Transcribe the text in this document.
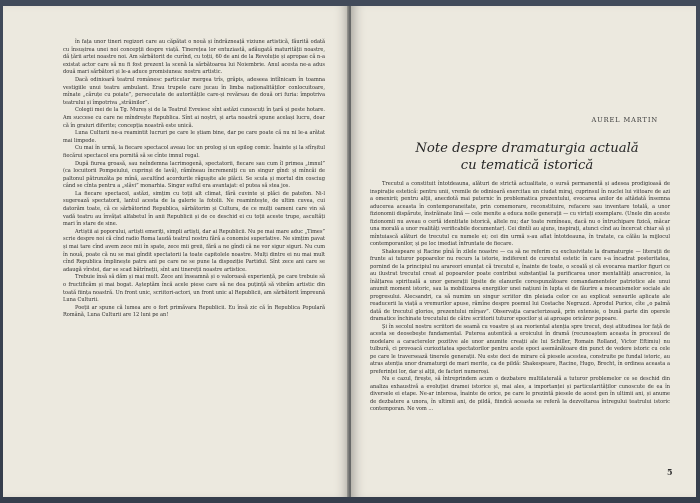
în fața unor tineri regizori care au căpătat o nouă și îndrăzneață viziune artistică, făurită odată cu însușirea unei noi concepții despre viață. Tinerețea lor entuziastă, adăugată maturității noastre, dă țării artei noastre noi. Am sărbătorit de curînd, cu toții, 60 de ani de la Revoluție și apropae că n-a existat actor care să nu fi fost prezent la scenă la sărbătoarea lui Noiembrie. Anul acesta ne-a adus două mari sărbători și le-a aduce promisiunea: nostru artistic.

Dacă odinioară teatrul românesc particular mergea trîs, grăpis, adeseea intîlnicam în toamna vestigiile unui teatru ambulant. Erau trupele care jucau în limba naționalităților conlocuitoare, mînate „căruțe cu poiate”, persecutate de autoritățile care-și revărsau de două ori furia: împotriva teatrului și împotriva „străinilor”.

Colegii mei de la Tg. Mureș și de la Teatrul Evreiesc sînt astăzi cunoscuți în țară și peste hotare. Am succese cu care ne mîndrește Republica. Sînt ai noștri, și arta noastră spune același lucru, doar că în graiuri diferite; concepția noastră este unică.

Luna Culturii ne-a reamintit lucruri pe care le știam bine, dar pe care poate că nu ni le-a arătat mai limpede.

Cu mai în urmă, la fiecare spectacol aveau loc un prolog și un epilog comic. Înainte și la sfîrșitul fiecărui spectacol era pornită să se cînte imnul regal.

După fiurea groasă, sau neîndemna lacrimogenă, spectatorii, fiecare sau cum îl primea „imnul” (ca locuitorii Pompeiului, cuprinși de lavă), rămîneau încremeniți cu un singur gînd: și mîncăi de paltonul pătrunzăta pe mînă, ascultînd acordurile răgușite ale plăcii. Se scula și mortul din cosciug când se cînta pentru a „slăvi” monarhia. Singur suflul era avantajat: el putea să stea jos.

La fiecare spectacol, astăzi, simțim cu toții alt climat, fără cuvinte și plăci de patefon. Ni-l sugerează spectatorii, lantul acesta de la galerie la fotolii. Ne reamintește, de ultim cuvea, cui datorăm toate, că ce sărbătorind Republica, sărbătorim și Cultura, de ce mulți oameni care vin să vadă teatru au învățat alfabetul în anii Republicii și de ce deschid ei cu toții aceste trupe, ascultăți mari în stare de sine.

Artiștii ai poporului, artiști emeriți, simpli artiști, dar ai Republicii. Nu pe mai mare aduc „Times” scrie despre noi că cînd radio Roma laudă teatrul nostru fără a conomisi superlative. Ne simțim pavat și mai tare cînd avem zece mii în spate, zece mii greii, fără a ne gîndi că ne vor sigur siguri. Nu cum în nouă, poate că nu se mai gîndit spectatorii la toate capitolele noastre. Mulți dintre ei nu mai mult cînd Republica împlinește patru ani pe care ne se pune la dispoziție Partidul. Sînt zece ani care se adaugă vîrstei, dar se scad bătrîneții, sînt ani tinereții noastre artistice.

Trebuie însă să dăm și mai mult. Zece ani înseamnă și o valoroasă experiență, pe care trebuie să o fructificăm și mai bogat. Așteptăm încă acele piese care să ne dea puțință să vibrăm artistic din toată ființa noastră. Un front unic, scriitori-actori, un front unic al Republicii, am sărbătorit împreună Luna Culturii.

Poeții ar spune că lumea are o fort primăvara Republicii. Eu însă zic că în Republica Populară Română, Luna Culturii are 12 luni pe an!

AUREL MARTIN
Note despre dramaturgia actuală
cu tematică istorică

Trecutul a constituit întotdeauna, alături de strictă actualitate, o sursă permanentă și adesea prodigioasă de inspirație estetică: pentru unii, vremile de odinioară exercitau un ciudat miraj, cuprinsul în nuclei lui viitoare de azi a omenirii; pentru alții, anecdotă mai puternic în problematica prezentului, evocarea anilor de altădată însemna aducerea aceasta în contemporaneitate, prin comemorare, reconstituire, refacere sau inventare totală, a unor fizionomii dispărute, înstrăinate lină — cele menite a educa noile generații — cu virtuți exemplare. (Unele din aceste fizionomii nu aveau o certă identitate istorică, altele nu; dar toate remîneau, dacă nu o întruchipare fizică, măcar una morală a unor realități verificabile documentar). Cei dintîi au ajuns, inspirați, atunci cînd au încercat chiar să și mîntuiască alături de trecutul cu numele ei; cei din urmă s-au aflat întotdeauna, în tratate, ca călău la mijlocul contemporanilor, și pe loc imediat înfruntate de fiecare.

Shakespeare și Racine pînă în zilele noastre — ca să ne referim cu exclusivitate la dramaturgie — literații de frunte ai tuturor popoarelor nu recurs la istorie, indiferent de curentul estetic în care s-a încadrat posteritatea, pornind de la principiul nu arareori enunțat că trecutul e, înainte de toate, o scoală și că evocarea marilor figuri ce au ilustrat trecutul creat al popoarelor poate contribui substanțial la purificarea unor mentalități anacronice, la înălțarea spirituală a unor generații lipsite de elanurile corespunzătoare comandamentelor patriotice ale unui anumit moment istoric, sau la mobilizarea energiilor unei națiuni în lupta ei de făurire a mecanismelor sociale ale progresului. Alecsandri, ca să numim un singur scriitor din pleiada celor ce au explicat sensurile aplicate ale readucerii la viață a vremurilor apuse, rămîne despre poemul lui Costache Negruzzi. Aprodul Purice, cîte „o palmă dată de trecutul glorios, prezentului mîrșav”. Observația caracterizează, prin extensie, o bună parte din operele dramatice închinate trecutului de către scriitorii tuturor epocilor și ai aproape oricăror popoare.

Și în secolul nostru scriitori de seamă cu voastre și au reoriental atenția spre trecut, deși atitudinea lor față de acesta se deosebește fundamental. Puterea autentică a eroicului în dramă (recunoaștem aceasta în procesul de modelare a caracterelor pozitive ale unor anumite creații ale lui Schiller, Romain Rolland, Victor Eftimiu) nu tulbură, ci provoacă curiozitatea spectatorilor pentru acele epoci asemănătoare din punct de vedere istoric cu cele pe care le traversează tinerele generații. Nu este deci de mirare că piesele acestea, construite pe fundal istoric, au atras atenția unor dramaturgi de mari merite, ca de pildă: Shakespeare, Racine, Hugo, Brecht, în ordinea aceasta a preferinței lor, dar și alții, de factori numeroși.

Nu e cazul, firește, să întreprindem acum o dezbatere multilaterală a tuturor problemelor ce se deschid din analiza exhaustivă a evoluției dramei istorice și, mai ales, a importanței și particularităților cunoscute de ea în diversele ei etape. Ne-ar interesa, înainte de orice, pe care le prezintă piesele de acest gen în ultimii ani, și anume de dezbatere a unora, în ultimii ani, de pildă, fiindcă aceasta se referă la dezvoltarea întregului teatrului istoric contemporan. Ne vom ...

5
